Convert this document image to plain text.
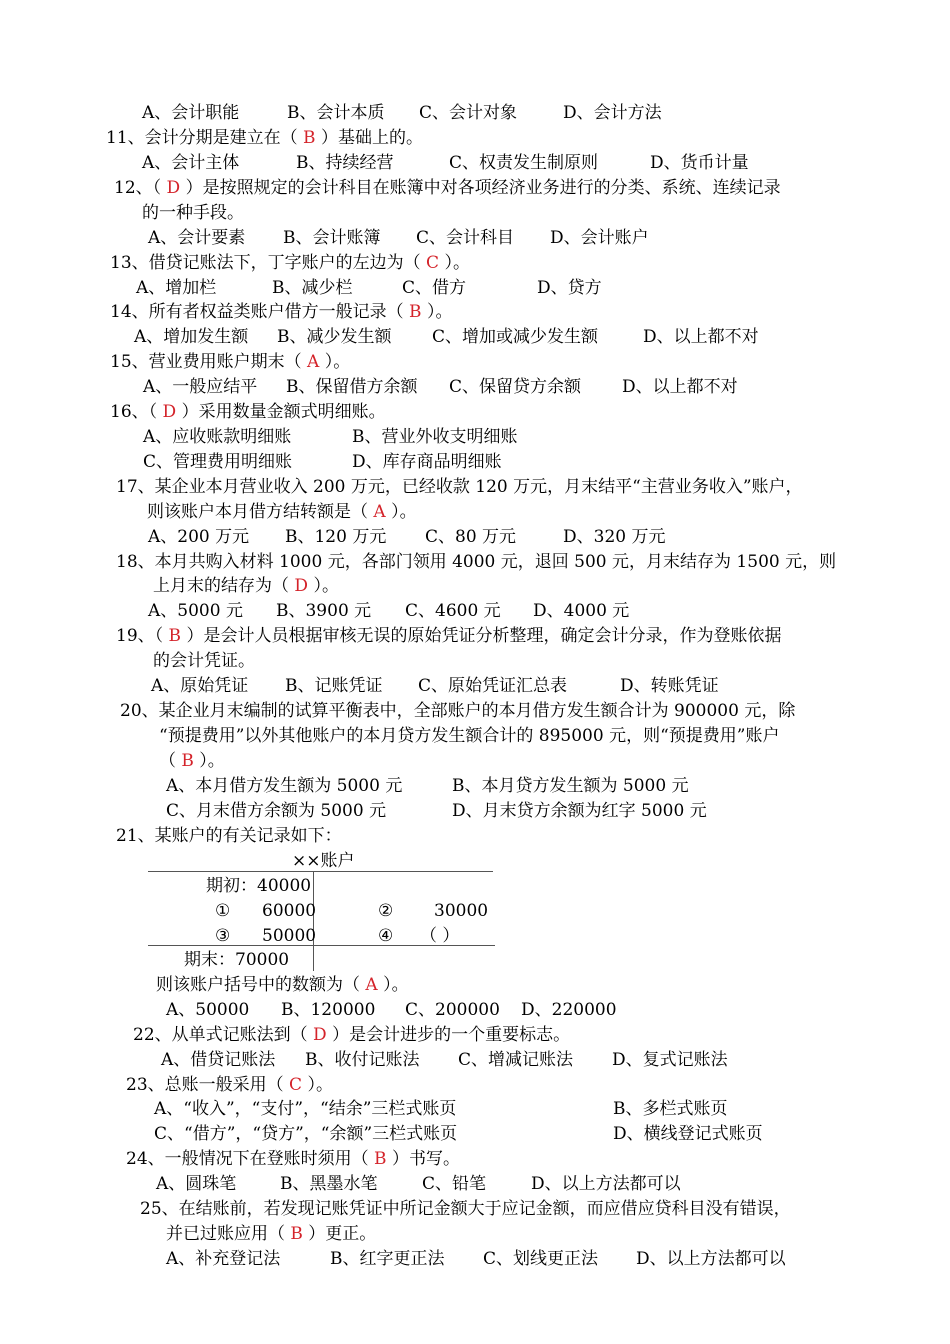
A、会计职能	B、会计本质 C、会计对象	D、会计方法
11、会计分期是建立在（ B ）基础上的。
A、会计主体	B、持续经营	C、权责发生制原则	D、货币计量
12、（ D ）是按照规定的会计科目在账簿中对各项经济业务进行的分类、系统、连续记录
的一种手段。
A、会计要素 B、会计账簿 C、会计科目 D、会计账户
13、借贷记账法下，丁字账户的左边为（ C ）。
A、增加栏	B、减少栏	C、借方	D、贷方
14、所有者权益类账户借方一般记录（ B ）。
A、增加发生额 B、减少发生额 C、增加或减少发生额	D、以上都不对
15、营业费用账户期末（ A ）。
A、一般应结平 B、保留借方余额 C、保留贷方余额 D、以上都不对
16、（ D ）采用数量金额式明细账。
A、应收账款明细账	B、营业外收支明细账
C、管理费用明细账	D、库存商品明细账
17、某企业本月营业收入 200 万元，已经收款 120 万元，月末结平“主营业务收入”账户，
则该账户本月借方结转额是（ A ）。
A、200 万元 B、120 万元 C、80 万元	D、320 万元
18、本月共购入材料 1000 元，各部门领用 4000 元，退回 500 元，月末结存为 1500 元，则
上月末的结存为（ D ）。
A、5000 元 B、3900 元 C、4600 元 D、4000 元
19、（ B ）是会计人员根据审核无误的原始凭证分析整理，确定会计分录，作为登账依据
的会计凭证。
A、原始凭证 B、记账凭证 C、原始凭证汇总表	D、转账凭证
20、某企业月末编制的试算平衡表中，全部账户的本月借方发生额合计为 900000 元，除
“预提费用”以外其他账户的本月贷方发生额合计的 895000 元，则“预提费用”账户
（ B ）。
A、本月借方发生额为 5000 元	B、本月贷方发生额为 5000 元
C、月末借方余额为 5000 元	D、月末贷方余额为红字 5000 元
21、某账户的有关记录如下：
××账户
期初：40000
① 60000	② 30000
③ 50000	④ （ ）
期末：70000
则该账户括号中的数额为（ A ）。
A、50000 B、120000 C、200000 D、220000
22、从单式记账法到（ D ）是会计进步的一个重要标志。
A、借贷记账法 B、收付记账法 C、增减记账法 D、复式记账法
23、总账一般采用（ C ）。
A、“收入”，“支付”，“结余”三栏式账页	B、多栏式账页
C、“借方”，“贷方”，“余额”三栏式账页	D、横线登记式账页
24、一般情况下在登账时须用（ B ）书写。
A、圆珠笔	B、黑墨水笔	C、铅笔	D、以上方法都可以
25、在结账前，若发现记账凭证中所记金额大于应记金额，而应借应贷科目没有错误，
并已过账应用（ B ）更正。
A、补充登记法	B、红字更正法 C、划线更正法 D、以上方法都可以
